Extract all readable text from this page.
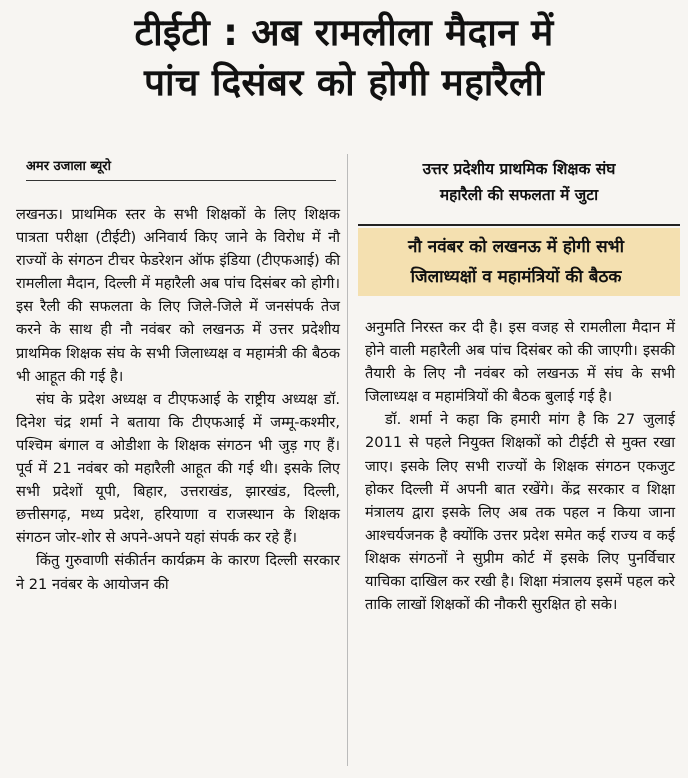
टीईटी : अब रामलीला मैदान में
पांच दिसंबर को होगी महारैली
अमर उजाला ब्यूरो

लखनऊ। प्राथमिक स्तर के सभी शिक्षकों के लिए शिक्षक पात्रता परीक्षा (टीईटी) अनिवार्य किए जाने के विरोध में नौ राज्यों के संगठन टीचर फेडरेशन ऑफ इंडिया (टीएफआई) की रामलीला मैदान, दिल्ली में महारैली अब पांच दिसंबर को होगी। इस रैली की सफलता के लिए जिले-जिले में जनसंपर्क तेज करने के साथ ही नौ नवंबर को लखनऊ में उत्तर प्रदेशीय प्राथमिक शिक्षक संघ के सभी जिलाध्यक्ष व महामंत्री की बैठक भी आहूत की गई है।

संघ के प्रदेश अध्यक्ष व टीएफआई के राष्ट्रीय अध्यक्ष डॉ. दिनेश चंद्र शर्मा ने बताया कि टीएफआई में जम्मू-कश्मीर, पश्चिम बंगाल व ओडीशा के शिक्षक संगठन भी जुड़ गए हैं। पूर्व में 21 नवंबर को महारैली आहूत की गई थी। इसके लिए सभी प्रदेशों यूपी, बिहार, उत्तराखंड, झारखंड, दिल्ली, छत्तीसगढ़, मध्य प्रदेश, हरियाणा व राजस्थान के शिक्षक संगठन जोर-शोर से अपने-अपने यहां संपर्क कर रहे हैं।

किंतु गुरुवाणी संकीर्तन कार्यक्रम के कारण दिल्ली सरकार ने 21 नवंबर के आयोजन की

उत्तर प्रदेशीय प्राथमिक शिक्षक संघ
महारैली की सफलता में जुटा
नौ नवंबर को लखनऊ में होगी सभी
जिलाध्यक्षों व महामंत्रियों की बैठक

अनुमति निरस्त कर दी है। इस वजह से रामलीला मैदान में होने वाली महारैली अब पांच दिसंबर को की जाएगी। इसकी तैयारी के लिए नौ नवंबर को लखनऊ में संघ के सभी जिलाध्यक्ष व महामंत्रियों की बैठक बुलाई गई है।

डॉ. शर्मा ने कहा कि हमारी मांग है कि 27 जुलाई 2011 से पहले नियुक्त शिक्षकों को टीईटी से मुक्त रखा जाए। इसके लिए सभी राज्यों के शिक्षक संगठन एकजुट होकर दिल्ली में अपनी बात रखेंगे। केंद्र सरकार व शिक्षा मंत्रालय द्वारा इसके लिए अब तक पहल न किया जाना आश्चर्यजनक है क्योंकि उत्तर प्रदेश समेत कई राज्य व कई शिक्षक संगठनों ने सुप्रीम कोर्ट में इसके लिए पुनर्विचार याचिका दाखिल कर रखी है। शिक्षा मंत्रालय इसमें पहल करे ताकि लाखों शिक्षकों की नौकरी सुरक्षित हो सके।
